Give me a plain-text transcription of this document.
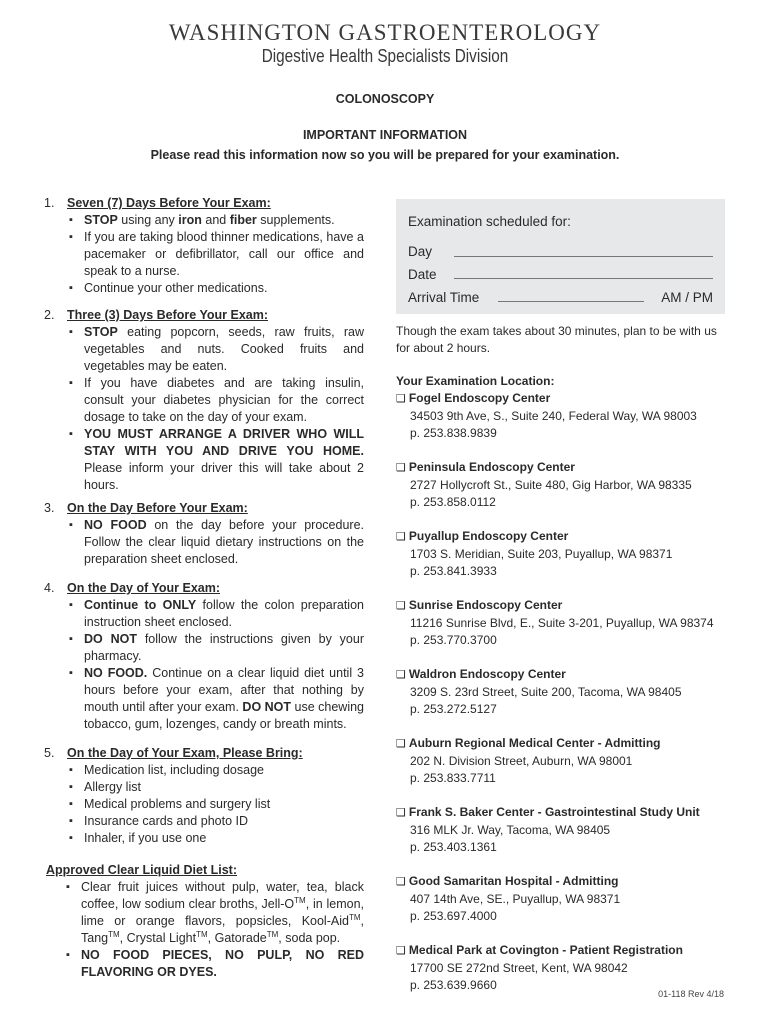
WASHINGTON GASTROENTEROLOGY
Digestive Health Specialists Division
COLONOSCOPY
IMPORTANT INFORMATION
Please read this information now so you will be prepared for your examination.
1.	Seven (7) Days Before Your Exam:
▪ STOP using any iron and fiber supplements.
▪ If you are taking blood thinner medications, have a pacemaker or defibrillator, call our office and speak to a nurse.
▪ Continue your other medications.
2.	Three (3) Days Before Your Exam:
▪ STOP eating popcorn, seeds, raw fruits, raw vegetables and nuts. Cooked fruits and vegetables may be eaten.
▪ If you have diabetes and are taking insulin, consult your diabetes physician for the correct dosage to take on the day of your exam.
▪ YOU MUST ARRANGE A DRIVER WHO WILL STAY WITH YOU AND DRIVE YOU HOME. Please inform your driver this will take about 2 hours.
3.	On the Day Before Your Exam:
▪ NO FOOD on the day before your procedure. Follow the clear liquid dietary instructions on the preparation sheet enclosed.
4.	On the Day of Your Exam:
▪ Continue to ONLY follow the colon preparation instruction sheet enclosed.
▪ DO NOT follow the instructions given by your pharmacy.
▪ NO FOOD. Continue on a clear liquid diet until 3 hours before your exam, after that nothing by mouth until after your exam. DO NOT use chewing tobacco, gum, lozenges, candy or breath mints.
5.	On the Day of Your Exam, Please Bring:
▪ Medication list, including dosage
▪ Allergy list
▪ Medical problems and surgery list
▪ Insurance cards and photo ID
▪ Inhaler, if you use one
Approved Clear Liquid Diet List:
▪ Clear fruit juices without pulp, water, tea, black coffee, low sodium clear broths, Jell-O™, in lemon, lime or orange flavors, popsicles, Kool-Aid™, Tang™, Crystal Light™, Gatorade™, soda pop.
▪ NO FOOD PIECES, NO PULP, NO RED FLAVORING OR DYES.
Examination scheduled for:
Day
Date
Arrival Time	AM / PM
Though the exam takes about 30 minutes, plan to be with us for about 2 hours.
Your Examination Location:
❑ Fogel Endoscopy Center
34503 9th Ave, S., Suite 240, Federal Way, WA 98003
p. 253.838.9839
❑ Peninsula Endoscopy Center
2727 Hollycroft St., Suite 480, Gig Harbor, WA 98335
p. 253.858.0112
❑ Puyallup Endoscopy Center
1703 S. Meridian, Suite 203, Puyallup, WA 98371
p. 253.841.3933
❑ Sunrise Endoscopy Center
11216 Sunrise Blvd, E., Suite 3-201, Puyallup, WA 98374
p. 253.770.3700
❑ Waldron Endoscopy Center
3209 S. 23rd Street, Suite 200, Tacoma, WA 98405
p. 253.272.5127
❑ Auburn Regional Medical Center - Admitting
202 N. Division Street, Auburn, WA 98001
p. 253.833.7711
❑ Frank S. Baker Center - Gastrointestinal Study Unit
316 MLK Jr. Way, Tacoma, WA 98405
p. 253.403.1361
❑ Good Samaritan Hospital - Admitting
407 14th Ave, SE., Puyallup, WA 98371
p. 253.697.4000
❑ Medical Park at Covington - Patient Registration
17700 SE 272nd Street, Kent, WA 98042
p. 253.639.9660
01-118 Rev 4/18
